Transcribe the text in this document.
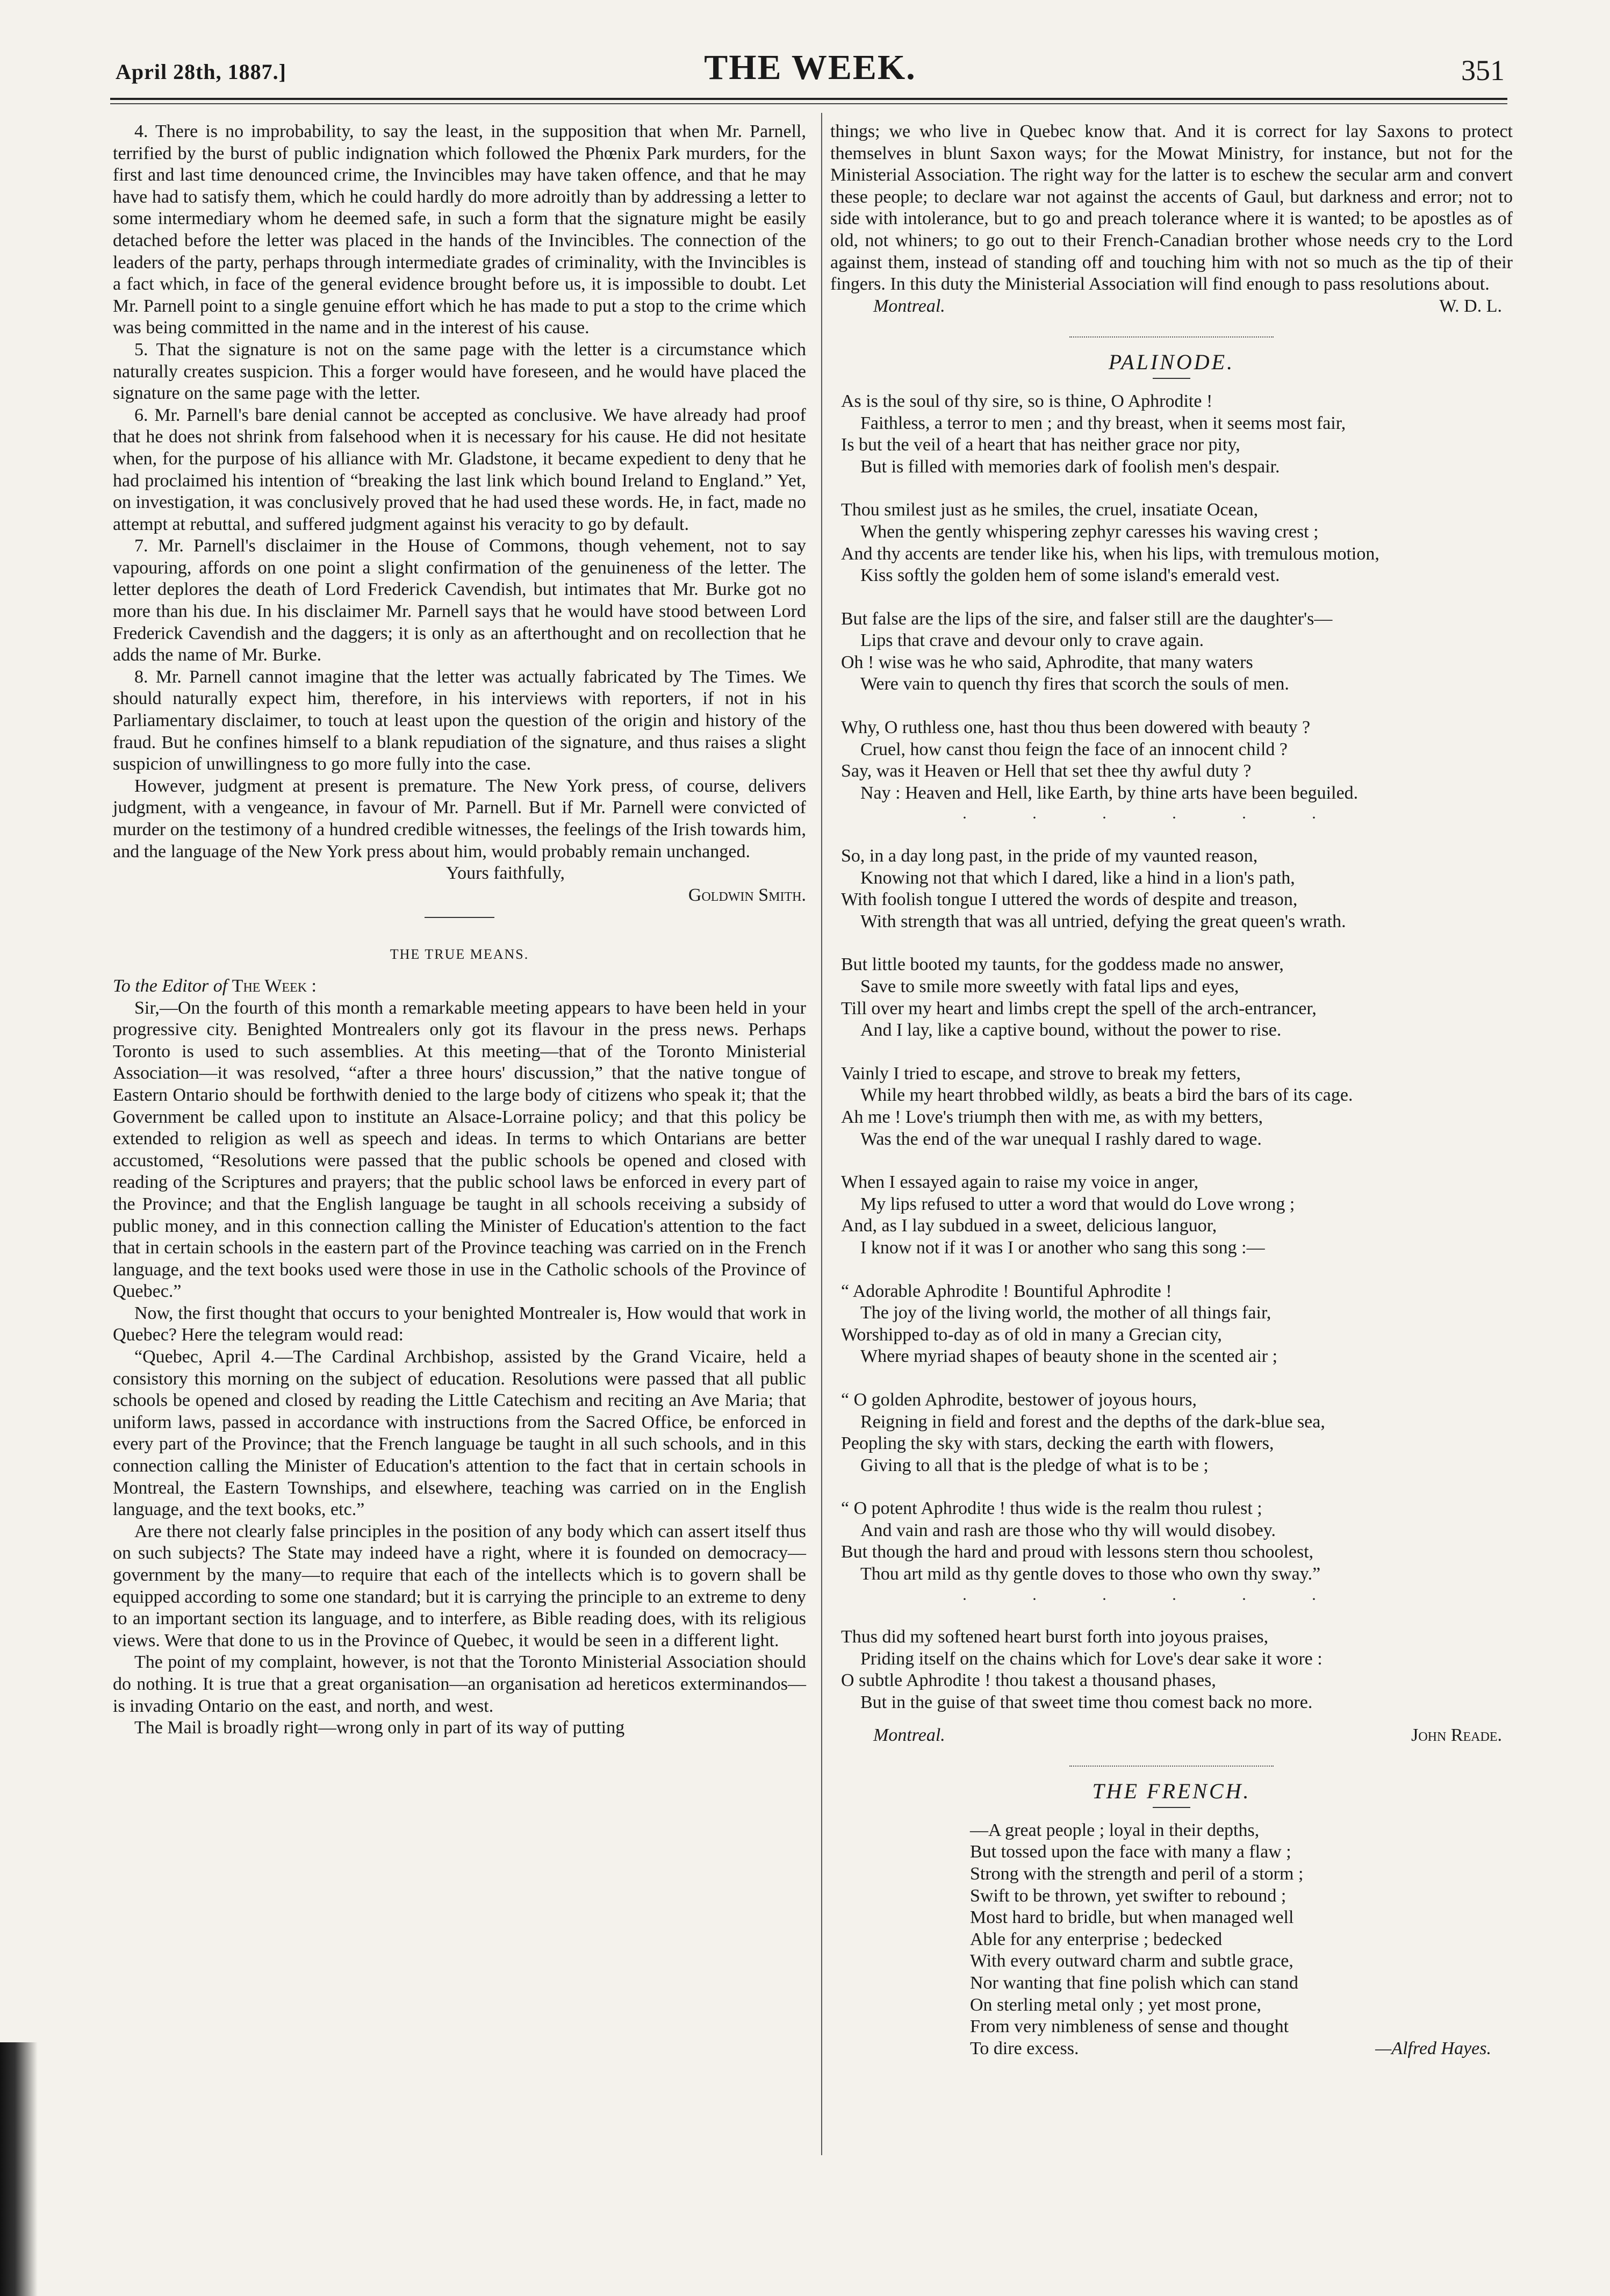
April 28th, 1887.]	THE WEEK.	351

4. There is no improbability, to say the least, in the supposition that when Mr. Parnell, terrified by the burst of public indignation which followed the Phœnix Park murders, for the first and last time denounced crime, the Invincibles may have taken offence, and that he may have had to satisfy them, which he could hardly do more adroitly than by addressing a letter to some intermediary whom he deemed safe, in such a form that the signature might be easily detached before the letter was placed in the hands of the Invincibles. The connection of the leaders of the party, perhaps through intermediate grades of criminality, with the Invincibles is a fact which, in face of the general evidence brought before us, it is impossible to doubt. Let Mr. Parnell point to a single genuine effort which he has made to put a stop to the crime which was being committed in the name and in the interest of his cause.

5. That the signature is not on the same page with the letter is a circumstance which naturally creates suspicion. This a forger would have foreseen, and he would have placed the signature on the same page with the letter.

6. Mr. Parnell's bare denial cannot be accepted as conclusive. We have already had proof that he does not shrink from falsehood when it is necessary for his cause. He did not hesitate when, for the purpose of his alliance with Mr. Gladstone, it became expedient to deny that he had proclaimed his intention of “breaking the last link which bound Ireland to England.” Yet, on investigation, it was conclusively proved that he had used these words. He, in fact, made no attempt at rebuttal, and suffered judgment against his veracity to go by default.

7. Mr. Parnell's disclaimer in the House of Commons, though vehement, not to say vapouring, affords on one point a slight confirmation of the genuineness of the letter. The letter deplores the death of Lord Frederick Cavendish, but intimates that Mr. Burke got no more than his due. In his disclaimer Mr. Parnell says that he would have stood between Lord Frederick Cavendish and the daggers; it is only as an afterthought and on recollection that he adds the name of Mr. Burke.

8. Mr. Parnell cannot imagine that the letter was actually fabricated by The Times. We should naturally expect him, therefore, in his interviews with reporters, if not in his Parliamentary disclaimer, to touch at least upon the question of the origin and history of the fraud. But he confines himself to a blank repudiation of the signature, and thus raises a slight suspicion of unwillingness to go more fully into the case.

However, judgment at present is premature. The New York press, of course, delivers judgment, with a vengeance, in favour of Mr. Parnell. But if Mr. Parnell were convicted of murder on the testimony of a hundred credible witnesses, the feelings of the Irish towards him, and the language of the New York press about him, would probably remain unchanged.

Yours faithfully,

Goldwin Smith.

THE TRUE MEANS.

To the Editor of The Week :

Sir,—On the fourth of this month a remarkable meeting appears to have been held in your progressive city. Benighted Montrealers only got its flavour in the press news. Perhaps Toronto is used to such assemblies. At this meeting—that of the Toronto Ministerial Association—it was resolved, “after a three hours' discussion,” that the native tongue of Eastern Ontario should be forthwith denied to the large body of citizens who speak it; that the Government be called upon to institute an Alsace-Lorraine policy; and that this policy be extended to religion as well as speech and ideas. In terms to which Ontarians are better accustomed, “Resolutions were passed that the public schools be opened and closed with reading of the Scriptures and prayers; that the public school laws be enforced in every part of the Province; and that the English language be taught in all schools receiving a subsidy of public money, and in this connection calling the Minister of Education's attention to the fact that in certain schools in the eastern part of the Province teaching was carried on in the French language, and the text books used were those in use in the Catholic schools of the Province of Quebec.”

Now, the first thought that occurs to your benighted Montrealer is, How would that work in Quebec? Here the telegram would read:

“Quebec, April 4.—The Cardinal Archbishop, assisted by the Grand Vicaire, held a consistory this morning on the subject of education. Resolutions were passed that all public schools be opened and closed by reading the Little Catechism and reciting an Ave Maria; that uniform laws, passed in accordance with instructions from the Sacred Office, be enforced in every part of the Province; that the French language be taught in all such schools, and in this connection calling the Minister of Education's attention to the fact that in certain schools in Montreal, the Eastern Townships, and elsewhere, teaching was carried on in the English language, and the text books, etc.”

Are there not clearly false principles in the position of any body which can assert itself thus on such subjects? The State may indeed have a right, where it is founded on democracy—government by the many—to require that each of the intellects which is to govern shall be equipped according to some one standard; but it is carrying the principle to an extreme to deny to an important section its language, and to interfere, as Bible reading does, with its religious views. Were that done to us in the Province of Quebec, it would be seen in a different light.

The point of my complaint, however, is not that the Toronto Ministerial Association should do nothing. It is true that a great organisation—an organisation ad hereticos exterminandos—is invading Ontario on the east, and north, and west.

The Mail is broadly right—wrong only in part of its way of putting

things; we who live in Quebec know that. And it is correct for lay Saxons to protect themselves in blunt Saxon ways; for the Mowat Ministry, for instance, but not for the Ministerial Association. The right way for the latter is to eschew the secular arm and convert these people; to declare war not against the accents of Gaul, but darkness and error; not to side with intolerance, but to go and preach tolerance where it is wanted; to be apostles as of old, not whiners; to go out to their French-Canadian brother whose needs cry to the Lord against them, instead of standing off and touching him with not so much as the tip of their fingers. In this duty the Ministerial Association will find enough to pass resolutions about.

Montreal.	W. D. L.
PALINODE.
As is the soul of thy sire, so is thine, O Aphrodite !
Faithless, a terror to men ; and thy breast, when it seems most fair,
Is but the veil of a heart that has neither grace nor pity,
But is filled with memories dark of foolish men's despair.
Thou smilest just as he smiles, the cruel, insatiate Ocean,
When the gently whispering zephyr caresses his waving crest ;
And thy accents are tender like his, when his lips, with tremulous motion,
Kiss softly the golden hem of some island's emerald vest.
But false are the lips of the sire, and falser still are the daughter's—
Lips that crave and devour only to crave again.
Oh ! wise was he who said, Aphrodite, that many waters
Were vain to quench thy fires that scorch the souls of men.
Why, O ruthless one, hast thou thus been dowered with beauty ?
Cruel, how canst thou feign the face of an innocent child ?
Say, was it Heaven or Hell that set thee thy awful duty ?
Nay : Heaven and Hell, like Earth, by thine arts have been beguiled.
······
So, in a day long past, in the pride of my vaunted reason,
Knowing not that which I dared, like a hind in a lion's path,
With foolish tongue I uttered the words of despite and treason,
With strength that was all untried, defying the great queen's wrath.
But little booted my taunts, for the goddess made no answer,
Save to smile more sweetly with fatal lips and eyes,
Till over my heart and limbs crept the spell of the arch-entrancer,
And I lay, like a captive bound, without the power to rise.
Vainly I tried to escape, and strove to break my fetters,
While my heart throbbed wildly, as beats a bird the bars of its cage.
Ah me ! Love's triumph then with me, as with my betters,
Was the end of the war unequal I rashly dared to wage.
When I essayed again to raise my voice in anger,
My lips refused to utter a word that would do Love wrong ;
And, as I lay subdued in a sweet, delicious languor,
I know not if it was I or another who sang this song :—
“ Adorable Aphrodite ! Bountiful Aphrodite !
The joy of the living world, the mother of all things fair,
Worshipped to-day as of old in many a Grecian city,
Where myriad shapes of beauty shone in the scented air ;
“ O golden Aphrodite, bestower of joyous hours,
Reigning in field and forest and the depths of the dark-blue sea,
Peopling the sky with stars, decking the earth with flowers,
Giving to all that is the pledge of what is to be ;
“ O potent Aphrodite ! thus wide is the realm thou rulest ;
And vain and rash are those who thy will would disobey.
But though the hard and proud with lessons stern thou schoolest,
Thou art mild as thy gentle doves to those who own thy sway.”
······
Thus did my softened heart burst forth into joyous praises,
Priding itself on the chains which for Love's dear sake it wore :
O subtle Aphrodite ! thou takest a thousand phases,
But in the guise of that sweet time thou comest back no more.
Montreal.	John Reade.
THE FRENCH.
—A great people ; loyal in their depths,
But tossed upon the face with many a flaw ;
Strong with the strength and peril of a storm ;
Swift to be thrown, yet swifter to rebound ;
Most hard to bridle, but when managed well
Able for any enterprise ; bedecked
With every outward charm and subtle grace,
Nor wanting that fine polish which can stand
On sterling metal only ; yet most prone,
From very nimbleness of sense and thought
To dire excess.	—Alfred Hayes.
